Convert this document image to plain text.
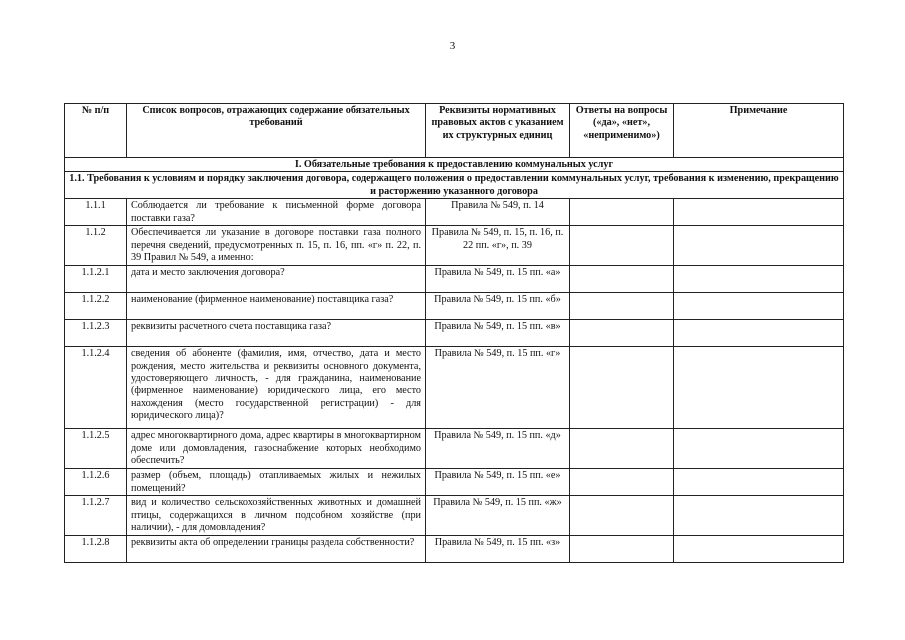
3
№ п/п	Список вопросов, отражающих содержание обязательных требований	Реквизиты нормативных правовых актов с указанием их структурных единиц	Ответы на вопросы («да», «нет», «неприменимо»)	Примечание
I. Обязательные требования к предоставлению коммунальных услуг				
1.1. Требования к условиям и порядку заключения договора, содержащего положения о предоставлении коммунальных услуг, требования к изменению, прекращению и расторжению указанного договора				
1.1.1	Соблюдается ли требование к письменной форме договора поставки газа?	Правила № 549, п. 14		
1.1.2	Обеспечивается ли указание в договоре поставки газа полного перечня сведений, предусмотренных п. 15, п. 16, пп. «г» п. 22, п. 39 Правил № 549, а именно:	Правила № 549, п. 15, п. 16, п. 22 пп. «г», п. 39		
1.1.2.1	дата и место заключения договора?	Правила № 549, п. 15 пп. «а»		
1.1.2.2	наименование (фирменное наименование) поставщика газа?	Правила № 549, п. 15 пп. «б»		
1.1.2.3	реквизиты расчетного счета поставщика газа?	Правила № 549, п. 15 пп. «в»		
1.1.2.4	сведения об абоненте (фамилия, имя, отчество, дата и место рождения, место жительства и реквизиты основного документа, удостоверяющего личность, - для гражданина, наименование (фирменное наименование) юридического лица, его место нахождения (место государственной регистрации) - для юридического лица)?	Правила № 549, п. 15 пп. «г»		
1.1.2.5	адрес многоквартирного дома, адрес квартиры в многоквартирном доме или домовладения, газоснабжение которых необходимо обеспечить?	Правила № 549, п. 15 пп. «д»		
1.1.2.6	размер (объем, площадь) отапливаемых жилых и нежилых помещений?	Правила № 549, п. 15 пп. «е»		
1.1.2.7	вид и количество сельскохозяйственных животных и домашней птицы, содержащихся в личном подсобном хозяйстве (при наличии), - для домовладения?	Правила № 549, п. 15 пп. «ж»		
1.1.2.8	реквизиты акта об определении границы раздела собственности?	Правила № 549, п. 15 пп. «з»		
